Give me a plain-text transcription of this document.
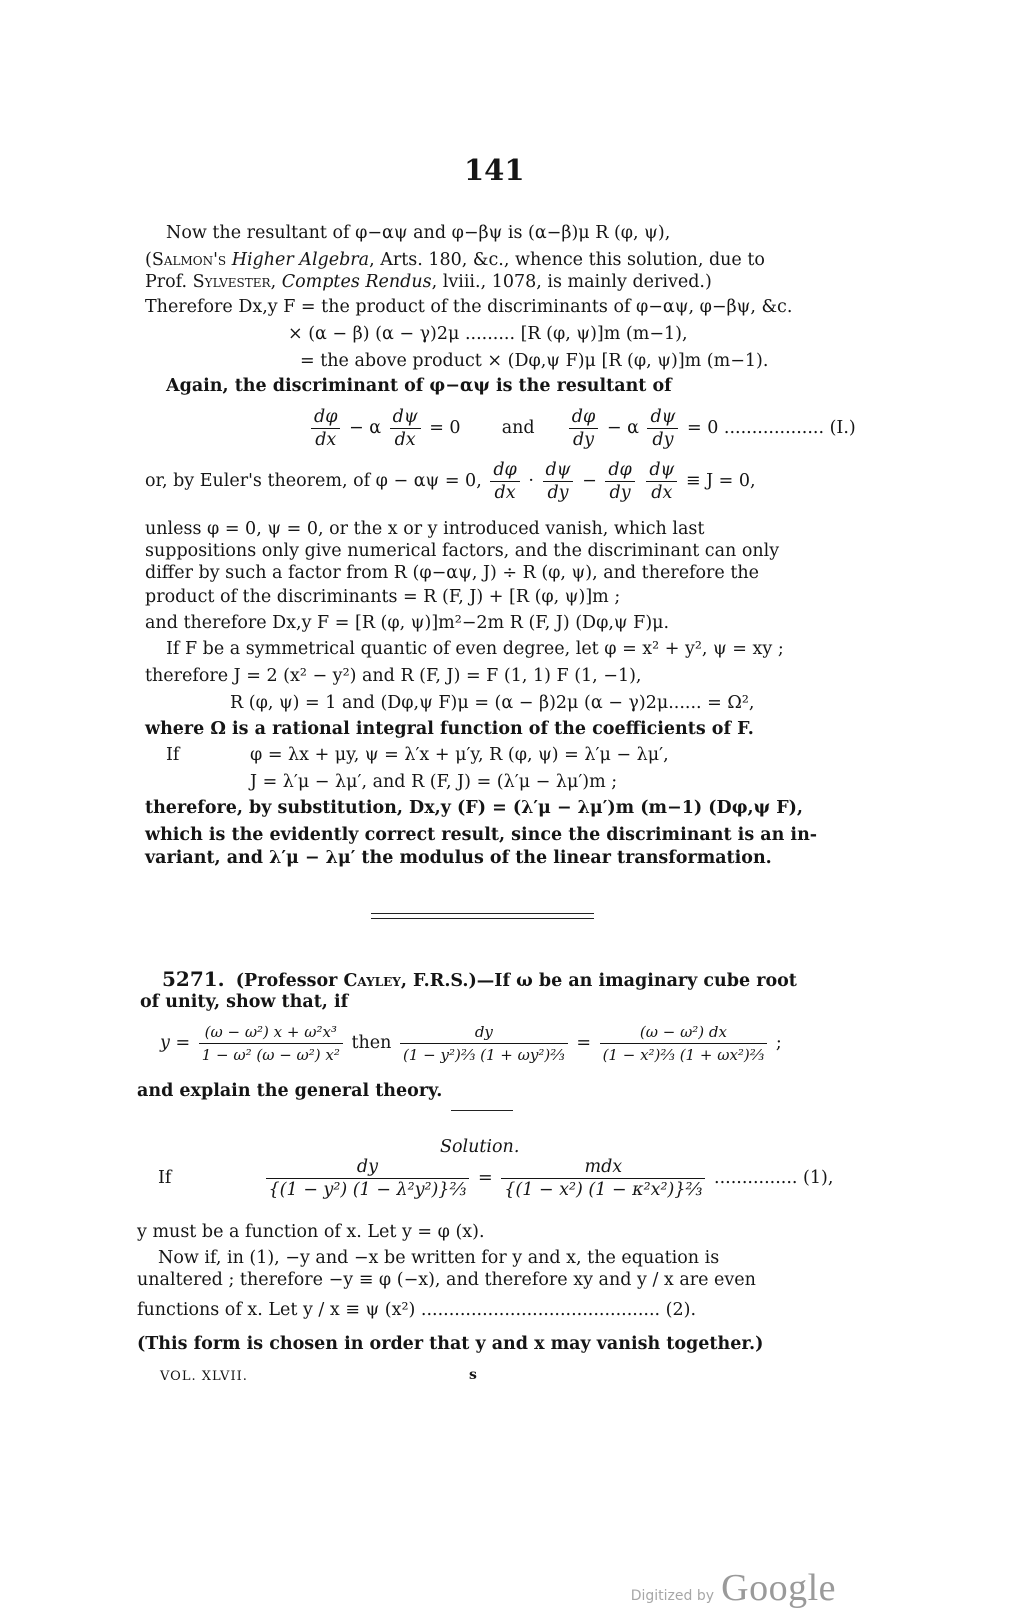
141
Now the resultant of φ−αψ and φ−βψ is (α−β)μ R (φ, ψ),
(Salmon's Higher Algebra, Arts. 180, &c., whence this solution, due to
Prof. Sylvester, Comptes Rendus, lviii., 1078, is mainly derived.)
Therefore Dx,y F = the product of the discriminants of φ−αψ, φ−βψ, &c.
× (α − β) (α − γ)2μ ......... [R (φ, ψ)]m (m−1),
= the above product × (Dφ,ψ F)μ [R (φ, ψ)]m (m−1).
Again, the discriminant of φ−αψ is the resultant of
$\frac{d\varphi}{dx} - \alpha \frac{d\psi}{dx} = 0$ and $\frac{d\varphi}{dy} - \alpha \frac{d\psi}{dy} = 0$ .................. (I.)
or, by Euler's theorem, of φ − αψ = 0, $\frac{d\varphi}{dx} \cdot \frac{d\psi}{dy} - \frac{d\varphi}{dy}$
$\frac{d\psi}{dx} \equiv J = 0$,
unless φ = 0, ψ = 0, or the x or y introduced vanish, which last
suppositions only give numerical factors, and the discriminant can only
differ by such a factor from R (φ−αψ, J) ÷ R (φ, ψ), and therefore the
product of the discriminants = R (F, J) + [R (φ, ψ)]m ;
and therefore Dx,y F = [R (φ, ψ)]m²−2m R (F, J) (Dφ,ψ F)μ.
If F be a symmetrical quantic of even degree, let φ = x² + y², ψ = xy ;
therefore J = 2 (x² − y²) and R (F, J) = F (1, 1) F (1, −1),
R (φ, ψ) = 1 and (Dφ,ψ F)μ = (α − β)2μ (α − γ)2μ...... = Ω²,
where Ω is a rational integral function of the coefficients of F.
If	φ = λx + μy, ψ = λ′x + μ′y, R (φ, ψ) = λ′μ − λμ′,
J = λ′μ − λμ′, and R (F, J) = (λ′μ − λμ′)m ;
therefore, by substitution, Dx,y (F) = (λ′μ − λμ′)m (m−1) (Dφ,ψ F),
which is the evidently correct result, since the discriminant is an in-
variant, and λ′μ − λμ′ the modulus of the linear transformation.
5271. (Professor Cayley, F.R.S.)—If ω be an imaginary cube root
of unity, show that, if
$y = \frac{\text{(ω − ω²) x + ω²x³}}{\text{1 − ω² (ω − ω²) x²}}$ then $\frac{dy}{\text{(1 − y²)⅔ (1 + ωy²)⅔}} = \frac{\text{(ω − ω²) dx}}{\text{(1 − x²)⅔ (1 + ωx²)⅔}}$ ;
and explain the general theory.
Solution.
If	$\frac{dy}{\text{\{(1 − y²) (1 − λ²y²)\}⅔}} = \frac{\text{mdx}}{\text{\{(1 − x²) (1 − κ²x²)\}⅔}}$ ............... (1),
y must be a function of x. Let y = φ (x).
Now if, in (1), −y and −x be written for y and x, the equation is
unaltered ; therefore −y ≡ φ (−x), and therefore xy and y / x are even
functions of x. Let y / x ≡ ψ (x²) ........................................... (2).
(This form is chosen in order that y and x may vanish together.)
VOL. XLVII.	s
Digitized by Google
